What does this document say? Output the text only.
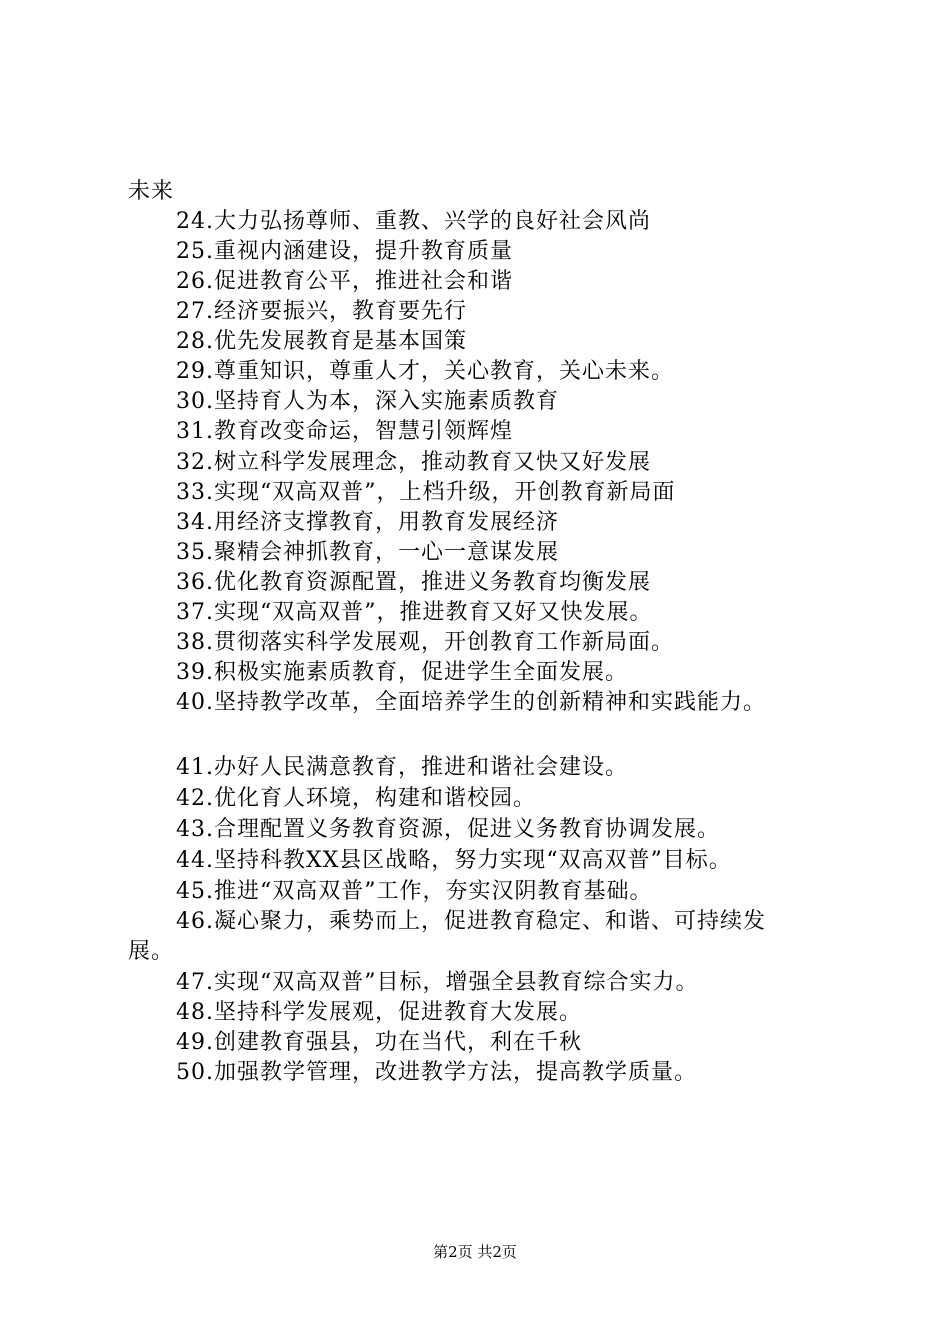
未来
24.大力弘扬尊师、重教、兴学的良好社会风尚
25.重视内涵建设，提升教育质量
26.促进教育公平，推进社会和谐
27.经济要振兴，教育要先行
28.优先发展教育是基本国策
29.尊重知识，尊重人才，关心教育，关心未来。
30.坚持育人为本，深入实施素质教育
31.教育改变命运，智慧引领辉煌
32.树立科学发展理念，推动教育又快又好发展
33.实现“双高双普”，上档升级，开创教育新局面
34.用经济支撑教育，用教育发展经济
35.聚精会神抓教育，一心一意谋发展
36.优化教育资源配置，推进义务教育均衡发展
37.实现“双高双普”，推进教育又好又快发展。
38.贯彻落实科学发展观，开创教育工作新局面。
39.积极实施素质教育，促进学生全面发展。
40.坚持教学改革，全面培养学生的创新精神和实践能力。
41.办好人民满意教育，推进和谐社会建设。
42.优化育人环境，构建和谐校园。
43.合理配置义务教育资源，促进义务教育协调发展。
44.坚持科教XX县区战略，努力实现“双高双普”目标。
45.推进“双高双普”工作，夯实汉阴教育基础。
46.凝心聚力，乘势而上，促进教育稳定、和谐、可持续发
展。
47.实现“双高双普”目标，增强全县教育综合实力。
48.坚持科学发展观，促进教育大发展。
49.创建教育强县，功在当代，利在千秋
50.加强教学管理，改进教学方法，提高教学质量。
第2页 共2页
